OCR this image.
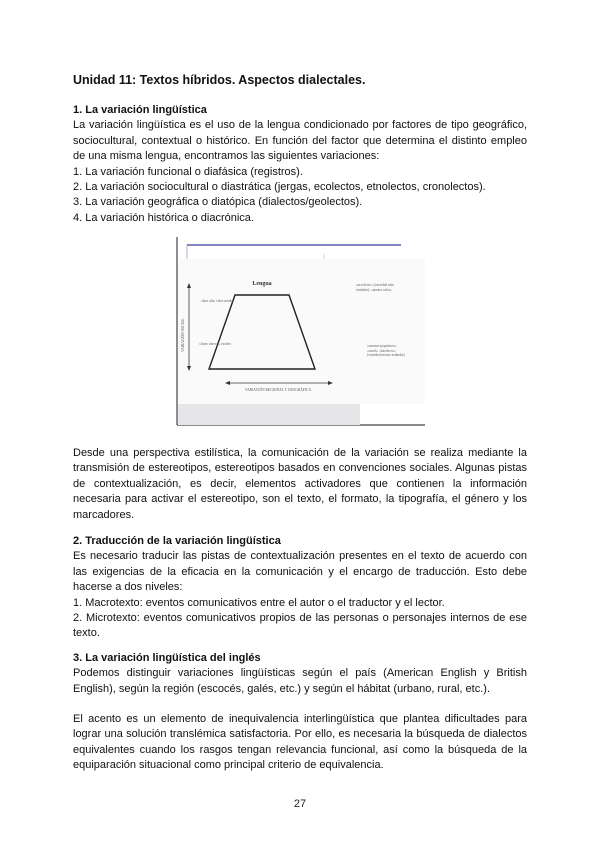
Unidad 11: Textos híbridos. Aspectos dialectales.
1. La variación lingüística
La variación lingüística es el uso de la lengua condicionado por factores de tipo geográfico, sociocultural, contextual o histórico. En función del factor que determina el distinto empleo de una misma lengua, encontramos las siguientes variaciones:
1. La variación funcional o diafásica (registros).
2. La variación sociocultural o diastrática (jergas, ecolectos, etnolectos, cronolectos).
3. La variación geográfica o diatópica (dialectos/geolectos).
4. La variación histórica o diacrónica.
Lengua
VARIACIÓN SOCIAL
VARIACIÓN REGIONAL Y GEOGRÁFICA
clase alta, clase media
clases obreras, rurales
«acrolecto» (variedad más estándar), «norma culta»
«normas populares», «rural», «basilecto» (variedad menos estándar)
Desde una perspectiva estilística, la comunicación de la variación se realiza mediante la transmisión de estereotipos, estereotipos basados en convenciones sociales. Algunas pistas de contextualización, es decir, elementos activadores que contienen la información necesaria para activar el estereotipo, son el texto, el formato, la tipografía, el género y los marcadores.
2. Traducción de la variación lingüística
Es necesario traducir las pistas de contextualización presentes en el texto de acuerdo con las exigencias de la eficacia en la comunicación y el encargo de traducción. Esto debe hacerse a dos niveles:
1. Macrotexto: eventos comunicativos entre el autor o el traductor y el lector.
2. Microtexto: eventos comunicativos propios de las personas o personajes internos de ese texto.
3. La variación lingüística del inglés
Podemos distinguir variaciones lingüísticas según el país (American English y British English), según la región (escocés, galés, etc.) y según el hábitat (urbano, rural, etc.).
El acento es un elemento de inequivalencia interlingüística que plantea dificultades para lograr una solución translémica satisfactoria. Por ello, es necesaria la búsqueda de dialectos equivalentes cuando los rasgos tengan relevancia funcional, así como la búsqueda de la equiparación situacional como principal criterio de equivalencia.
27
